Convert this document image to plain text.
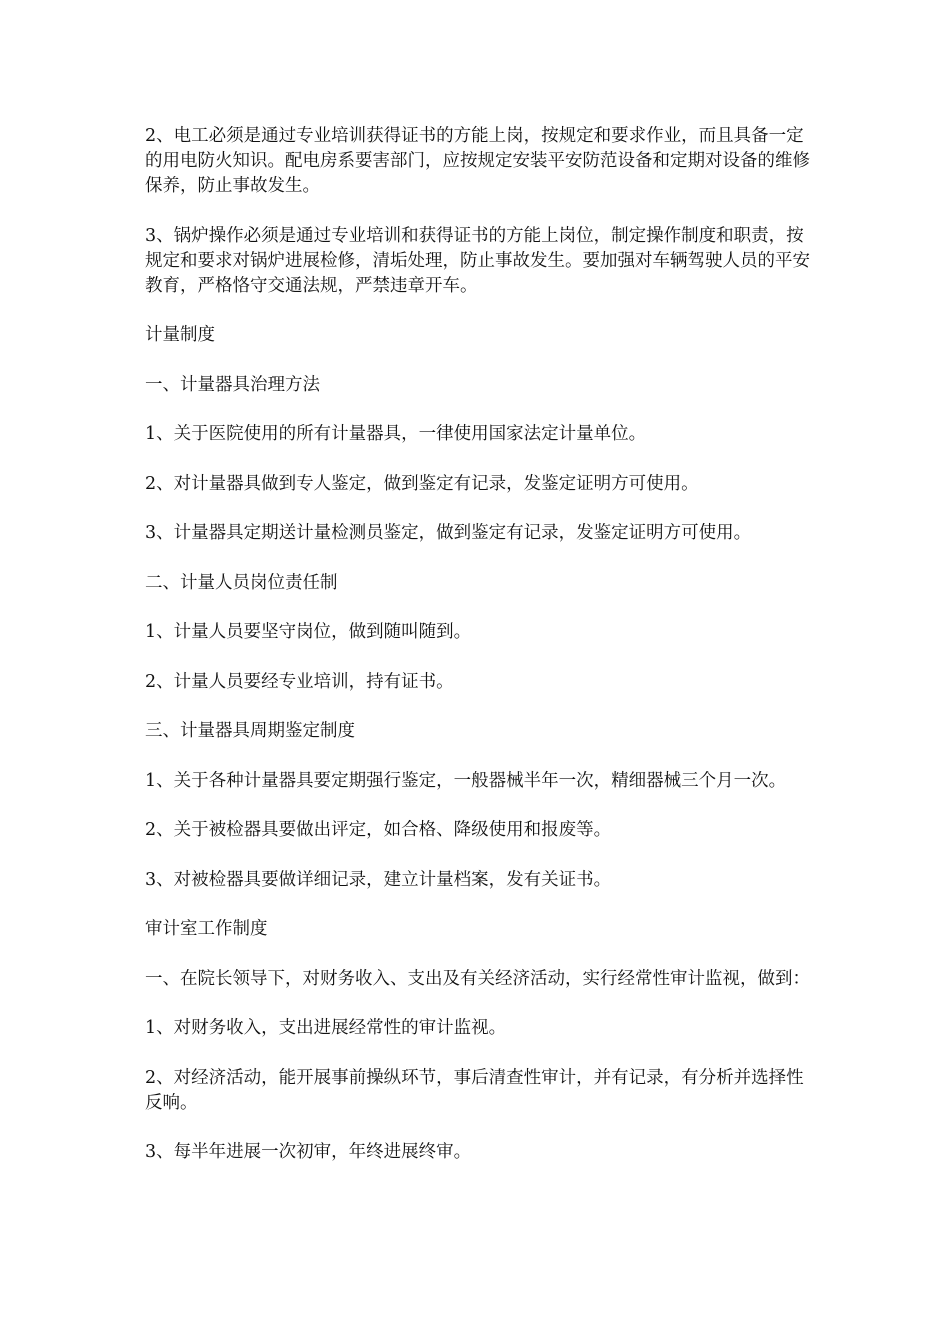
2、电工必须是通过专业培训获得证书的方能上岗，按规定和要求作业，而且具备一定的用电防火知识。配电房系要害部门，应按规定安装平安防范设备和定期对设备的维修保养，防止事故发生。

3、锅炉操作必须是通过专业培训和获得证书的方能上岗位，制定操作制度和职责，按规定和要求对锅炉进展检修，清垢处理，防止事故发生。要加强对车辆驾驶人员的平安教育，严格恪守交通法规，严禁违章开车。

计量制度

一、计量器具治理方法

1、关于医院使用的所有计量器具，一律使用国家法定计量单位。

2、对计量器具做到专人鉴定，做到鉴定有记录，发鉴定证明方可使用。

3、计量器具定期送计量检测员鉴定，做到鉴定有记录，发鉴定证明方可使用。

二、计量人员岗位责任制

1、计量人员要坚守岗位，做到随叫随到。

2、计量人员要经专业培训，持有证书。

三、计量器具周期鉴定制度

1、关于各种计量器具要定期强行鉴定，一般器械半年一次，精细器械三个月一次。

2、关于被检器具要做出评定，如合格、降级使用和报废等。

3、对被检器具要做详细记录，建立计量档案，发有关证书。

审计室工作制度

一、在院长领导下，对财务收入、支出及有关经济活动，实行经常性审计监视，做到：

1、对财务收入，支出进展经常性的审计监视。

2、对经济活动，能开展事前操纵环节，事后清查性审计，并有记录，有分析并选择性反响。

3、每半年进展一次初审，年终进展终审。
